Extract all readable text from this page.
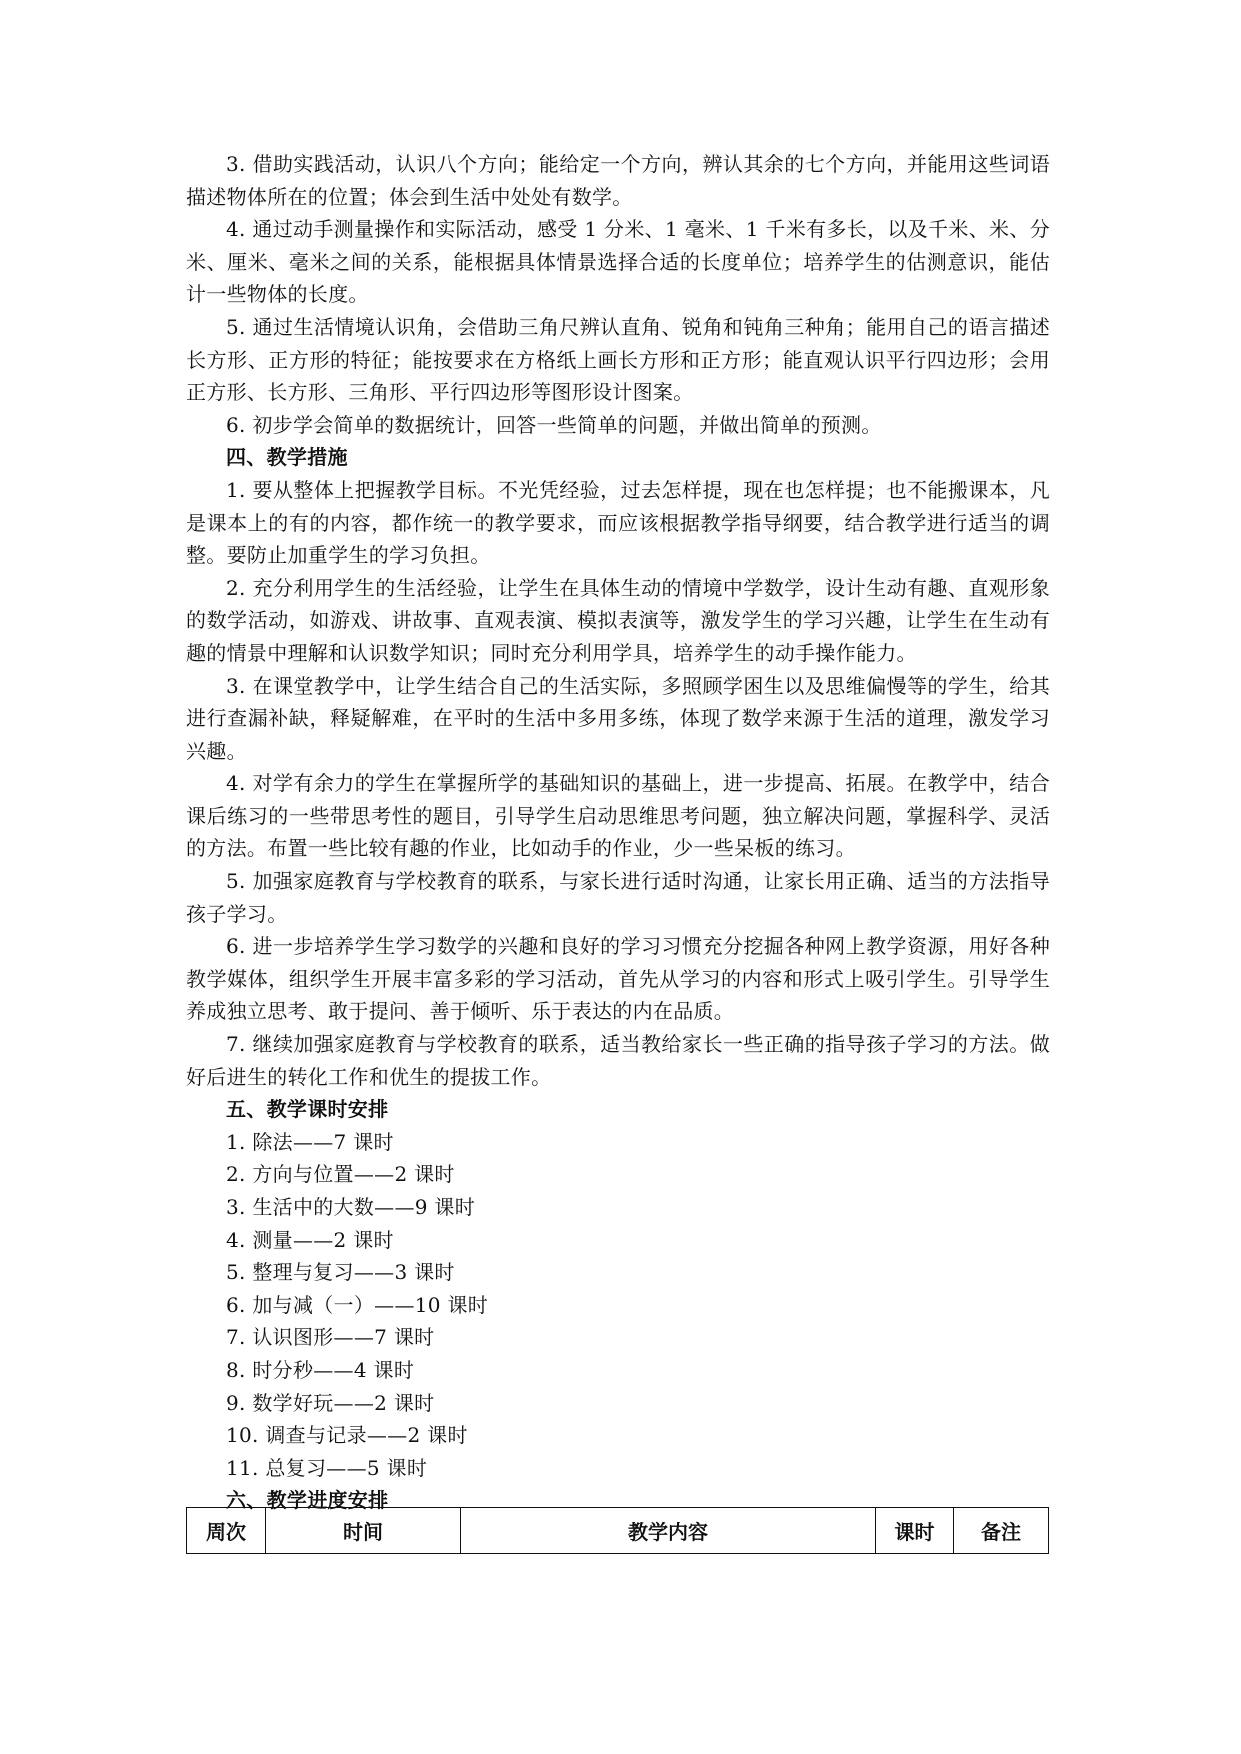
3. 借助实践活动，认识八个方向；能给定一个方向，辨认其余的七个方向，并能用这些词语描述物体所在的位置；体会到生活中处处有数学。

4. 通过动手测量操作和实际活动，感受 1 分米、1 毫米、1 千米有多长，以及千米、米、分米、厘米、毫米之间的关系，能根据具体情景选择合适的长度单位；培养学生的估测意识，能估计一些物体的长度。

5. 通过生活情境认识角，会借助三角尺辨认直角、锐角和钝角三种角；能用自己的语言描述长方形、正方形的特征；能按要求在方格纸上画长方形和正方形；能直观认识平行四边形；会用正方形、长方形、三角形、平行四边形等图形设计图案。

6. 初步学会简单的数据统计，回答一些简单的问题，并做出简单的预测。

四、教学措施

1. 要从整体上把握教学目标。不光凭经验，过去怎样提，现在也怎样提；也不能搬课本，凡是课本上的有的内容，都作统一的教学要求，而应该根据教学指导纲要，结合教学进行适当的调整。要防止加重学生的学习负担。

2. 充分利用学生的生活经验，让学生在具体生动的情境中学数学，设计生动有趣、直观形象的数学活动，如游戏、讲故事、直观表演、模拟表演等，激发学生的学习兴趣，让学生在生动有趣的情景中理解和认识数学知识；同时充分利用学具，培养学生的动手操作能力。

3. 在课堂教学中，让学生结合自己的生活实际，多照顾学困生以及思维偏慢等的学生，给其进行查漏补缺，释疑解难，在平时的生活中多用多练，体现了数学来源于生活的道理，激发学习兴趣。

4. 对学有余力的学生在掌握所学的基础知识的基础上，进一步提高、拓展。在教学中，结合课后练习的一些带思考性的题目，引导学生启动思维思考问题，独立解决问题，掌握科学、灵活的方法。布置一些比较有趣的作业，比如动手的作业，少一些呆板的练习。

5. 加强家庭教育与学校教育的联系，与家长进行适时沟通，让家长用正确、适当的方法指导孩子学习。

6. 进一步培养学生学习数学的兴趣和良好的学习习惯充分挖掘各种网上教学资源，用好各种教学媒体，组织学生开展丰富多彩的学习活动，首先从学习的内容和形式上吸引学生。引导学生养成独立思考、敢于提问、善于倾听、乐于表达的内在品质。

7. 继续加强家庭教育与学校教育的联系，适当教给家长一些正确的指导孩子学习的方法。做好后进生的转化工作和优生的提拔工作。

五、教学课时安排

1. 除法——7 课时

2. 方向与位置——2 课时

3. 生活中的大数——9 课时

4. 测量——2 课时

5. 整理与复习——3 课时

6. 加与减（一）——10 课时

7. 认识图形——7 课时

8. 时分秒——4 课时

9. 数学好玩——2 课时

10. 调查与记录——2 课时

11. 总复习——5 课时

六、教学进度安排

周次	时间	教学内容	课时	备注
